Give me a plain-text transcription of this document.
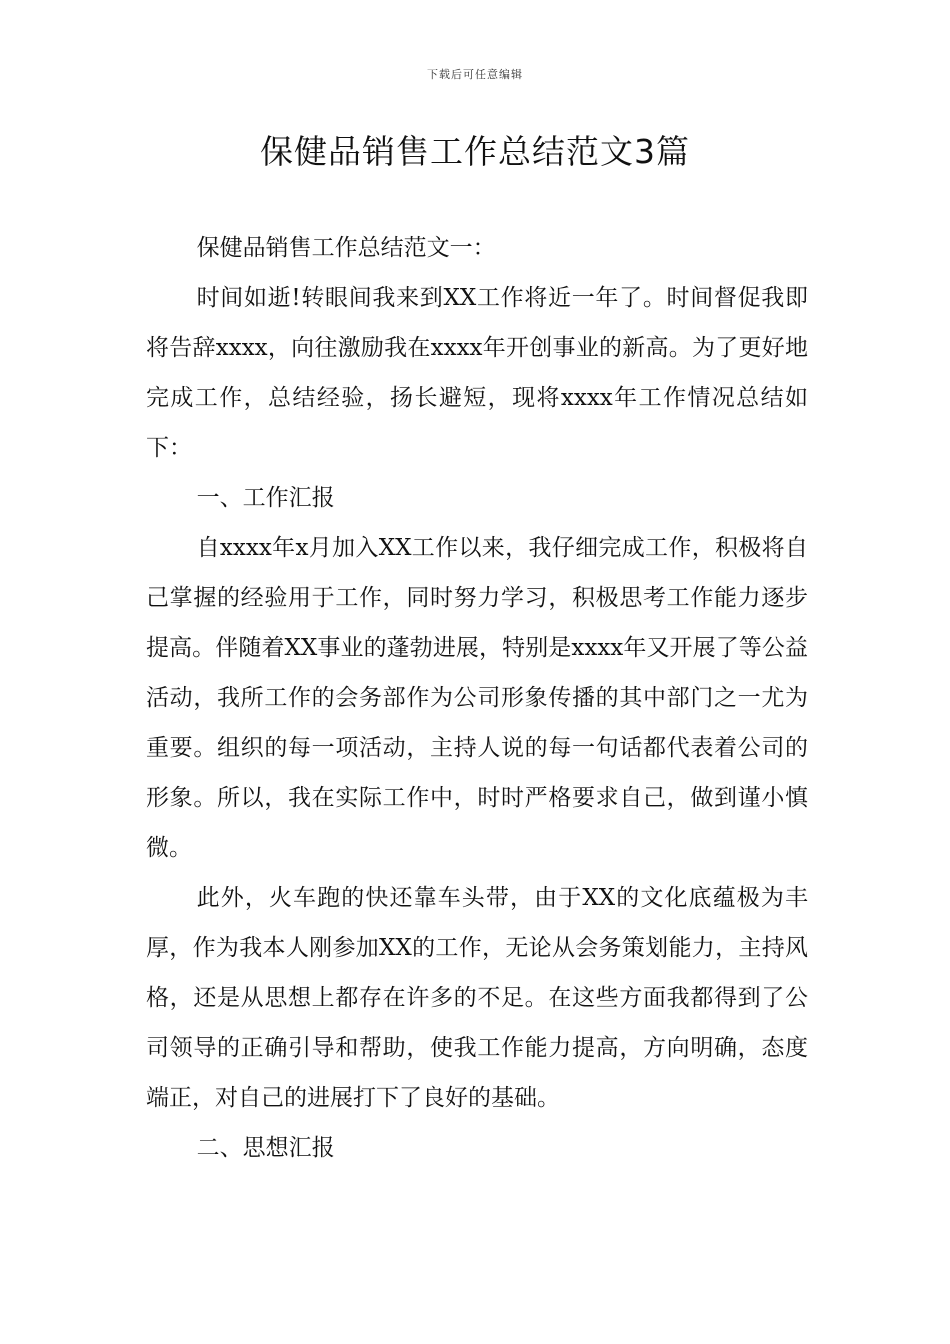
下载后可任意编辑
保健品销售工作总结范文3篇

保健品销售工作总结范文一：

时间如逝!转眼间我来到XX工作将近一年了。时间督促我即将告辞xxxx，向往激励我在xxxx年开创事业的新高。为了更好地完成工作，总结经验，扬长避短，现将xxxx年工作情况总结如下：

一、工作汇报

自xxxx年x月加入XX工作以来，我仔细完成工作，积极将自己掌握的经验用于工作，同时努力学习，积极思考工作能力逐步提高。伴随着XX事业的蓬勃进展，特别是xxxx年又开展了等公益活动，我所工作的会务部作为公司形象传播的其中部门之一尤为重要。组织的每一项活动，主持人说的每一句话都代表着公司的形象。所以，我在实际工作中，时时严格要求自己，做到谨小慎微。

此外，火车跑的快还靠车头带，由于XX的文化底蕴极为丰厚，作为我本人刚参加XX的工作，无论从会务策划能力，主持风格，还是从思想上都存在许多的不足。在这些方面我都得到了公司领导的正确引导和帮助，使我工作能力提高，方向明确，态度端正，对自己的进展打下了良好的基础。

二、思想汇报
